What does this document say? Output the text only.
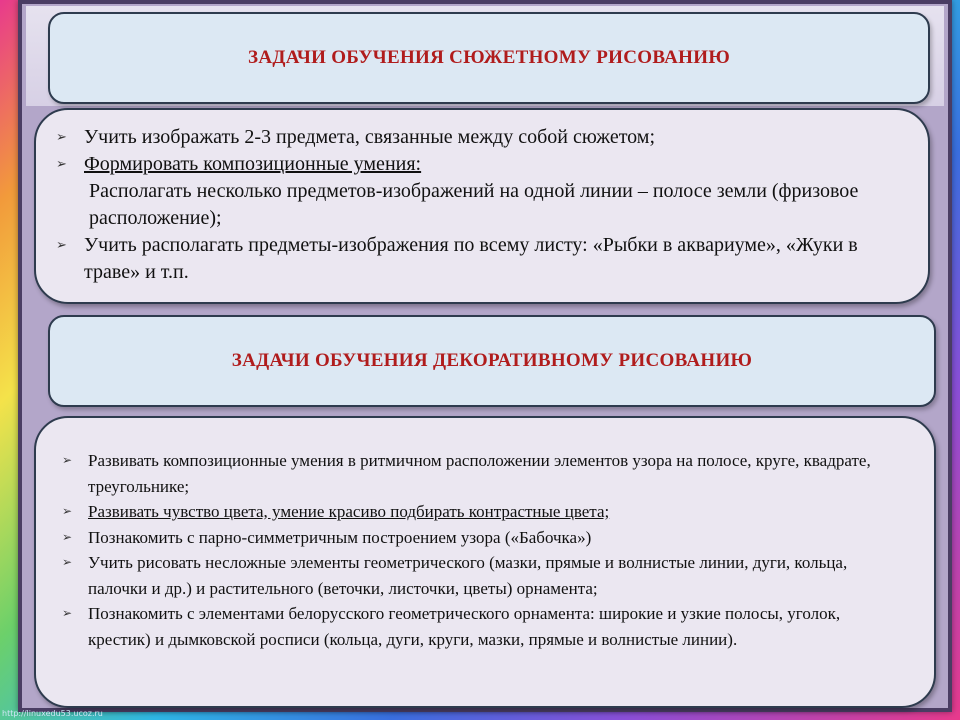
ЗАДАЧИ ОБУЧЕНИЯ СЮЖЕТНОМУ РИСОВАНИЮ
➢ Учить изображать 2-3 предмета, связанные между собой сюжетом;
➢ Формировать композиционные умения:
Располагать несколько предметов-изображений на одной линии – полосе земли (фризовое расположение);
➢ Учить располагать предметы-изображения по всему листу: «Рыбки в аквариуме», «Жуки в траве» и т.п.
ЗАДАЧИ ОБУЧЕНИЯ ДЕКОРАТИВНОМУ РИСОВАНИЮ
➢ Развивать композиционные умения в ритмичном расположении элементов узора на полосе, круге, квадрате, треугольнике;
➢ Развивать чувство цвета, умение красиво подбирать контрастные цвета;
➢ Познакомить с парно-симметричным построением узора («Бабочка»)
➢ Учить рисовать несложные элементы геометрического (мазки, прямые и волнистые линии, дуги, кольца, палочки и др.) и растительного (веточки, листочки, цветы) орнамента;
➢ Познакомить с элементами белорусского геометрического орнамента: широкие и узкие полосы, уголок, крестик) и дымковской росписи (кольца, дуги, круги, мазки, прямые и волнистые линии).
http://linuxedu53.ucoz.ru
